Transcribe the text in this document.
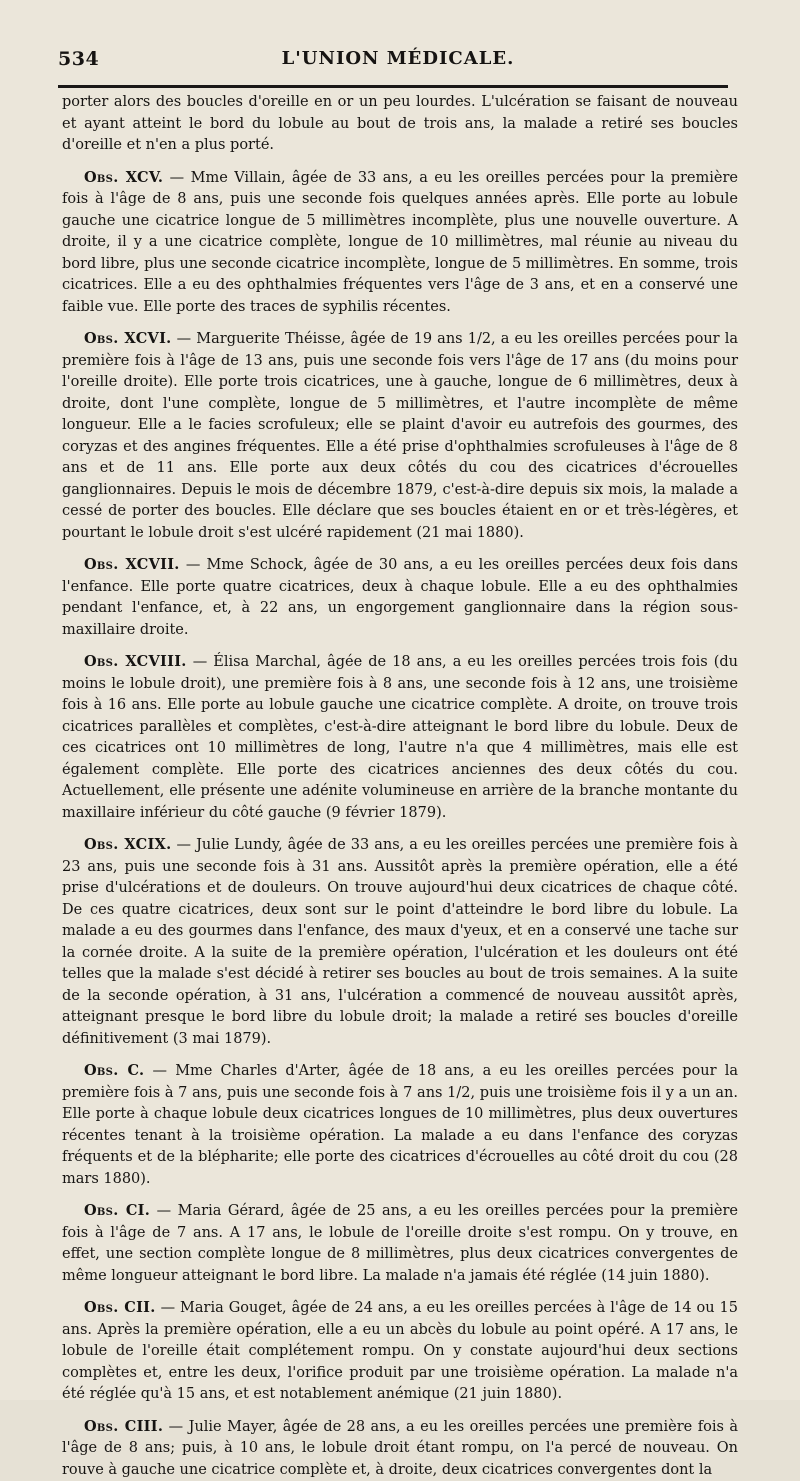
534	L'UNION MÉDICALE.

porter alors des boucles d'oreille en or un peu lourdes. L'ulcération se faisant de nouveau et ayant atteint le bord du lobule au bout de trois ans, la malade a retiré ses boucles d'oreille et n'en a plus porté.

Obs. XCV. — Mme Villain, âgée de 33 ans, a eu les oreilles percées pour la première fois à l'âge de 8 ans, puis une seconde fois quelques années après. Elle porte au lobule gauche une cicatrice longue de 5 millimètres incomplète, plus une nouvelle ouverture. A droite, il y a une cicatrice complète, longue de 10 millimètres, mal réunie au niveau du bord libre, plus une seconde cicatrice incomplète, longue de 5 millimètres. En somme, trois cicatrices. Elle a eu des ophthalmies fréquentes vers l'âge de 3 ans, et en a conservé une faible vue. Elle porte des traces de syphilis récentes.

Obs. XCVI. — Marguerite Théisse, âgée de 19 ans 1/2, a eu les oreilles percées pour la première fois à l'âge de 13 ans, puis une seconde fois vers l'âge de 17 ans (du moins pour l'oreille droite). Elle porte trois cicatrices, une à gauche, longue de 6 millimètres, deux à droite, dont l'une complète, longue de 5 millimètres, et l'autre incomplète de même longueur. Elle a le facies scrofuleux; elle se plaint d'avoir eu autrefois des gourmes, des coryzas et des angines fréquentes. Elle a été prise d'ophthalmies scrofuleuses à l'âge de 8 ans et de 11 ans. Elle porte aux deux côtés du cou des cicatrices d'écrouelles ganglionnaires. Depuis le mois de décembre 1879, c'est-à-dire depuis six mois, la malade a cessé de porter des boucles. Elle déclare que ses boucles étaient en or et très-légères, et pourtant le lobule droit s'est ulcéré rapidement (21 mai 1880).

Obs. XCVII. — Mme Schock, âgée de 30 ans, a eu les oreilles percées deux fois dans l'enfance. Elle porte quatre cicatrices, deux à chaque lobule. Elle a eu des ophthalmies pendant l'enfance, et, à 22 ans, un engorgement ganglionnaire dans la région sous-maxillaire droite.

Obs. XCVIII. — Élisa Marchal, âgée de 18 ans, a eu les oreilles percées trois fois (du moins le lobule droit), une première fois à 8 ans, une seconde fois à 12 ans, une troisième fois à 16 ans. Elle porte au lobule gauche une cicatrice complète. A droite, on trouve trois cicatrices parallèles et complètes, c'est-à-dire atteignant le bord libre du lobule. Deux de ces cicatrices ont 10 millimètres de long, l'autre n'a que 4 millimètres, mais elle est également complète. Elle porte des cicatrices anciennes des deux côtés du cou. Actuellement, elle présente une adénite volumineuse en arrière de la branche montante du maxillaire inférieur du côté gauche (9 février 1879).

Obs. XCIX. — Julie Lundy, âgée de 33 ans, a eu les oreilles percées une première fois à 23 ans, puis une seconde fois à 31 ans. Aussitôt après la première opération, elle a été prise d'ulcérations et de douleurs. On trouve aujourd'hui deux cicatrices de chaque côté. De ces quatre cicatrices, deux sont sur le point d'atteindre le bord libre du lobule. La malade a eu des gourmes dans l'enfance, des maux d'yeux, et en a conservé une tache sur la cornée droite. A la suite de la première opération, l'ulcération et les douleurs ont été telles que la malade s'est décidé à retirer ses boucles au bout de trois semaines. A la suite de la seconde opération, à 31 ans, l'ulcération a commencé de nouveau aussitôt après, atteignant presque le bord libre du lobule droit; la malade a retiré ses boucles d'oreille définitivement (3 mai 1879).

Obs. C. — Mme Charles d'Arter, âgée de 18 ans, a eu les oreilles percées pour la première fois à 7 ans, puis une seconde fois à 7 ans 1/2, puis une troisième fois il y a un an. Elle porte à chaque lobule deux cicatrices longues de 10 millimètres, plus deux ouvertures récentes tenant à la troisième opération. La malade a eu dans l'enfance des coryzas fréquents et de la blépharite; elle porte des cicatrices d'écrouelles au côté droit du cou (28 mars 1880).

Obs. CI. — Maria Gérard, âgée de 25 ans, a eu les oreilles percées pour la première fois à l'âge de 7 ans. A 17 ans, le lobule de l'oreille droite s'est rompu. On y trouve, en effet, une section complète longue de 8 millimètres, plus deux cicatrices convergentes de même longueur atteignant le bord libre. La malade n'a jamais été réglée (14 juin 1880).

Obs. CII. — Maria Gouget, âgée de 24 ans, a eu les oreilles percées à l'âge de 14 ou 15 ans. Après la première opération, elle a eu un abcès du lobule au point opéré. A 17 ans, le lobule de l'oreille était complétement rompu. On y constate aujourd'hui deux sections complètes et, entre les deux, l'orifice produit par une troisième opération. La malade n'a été réglée qu'à 15 ans, et est notablement anémique (21 juin 1880).

Obs. CIII. — Julie Mayer, âgée de 28 ans, a eu les oreilles percées une première fois à l'âge de 8 ans; puis, à 10 ans, le lobule droit étant rompu, on l'a percé de nouveau. On rouve à gauche une cicatrice complète et, à droite, deux cicatrices convergentes dont la
